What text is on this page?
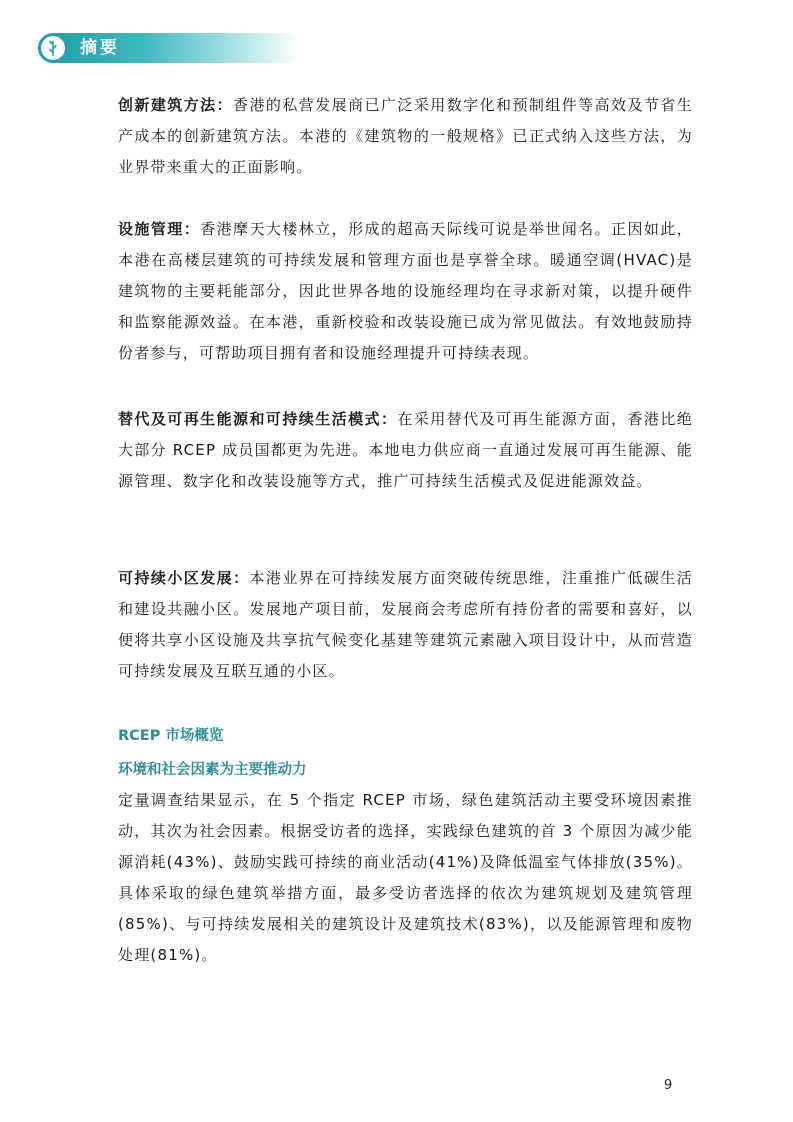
摘要
创新建筑方法：香港的私营发展商已广泛采用数字化和预制组件等高效及节省生产成本的创新建筑方法。本港的《建筑物的一般规格》已正式纳入这些方法，为业界带来重大的正面影响。
设施管理：香港摩天大楼林立，形成的超高天际线可说是举世闻名。正因如此，本港在高楼层建筑的可持续发展和管理方面也是享誉全球。暖通空调(HVAC)是建筑物的主要耗能部分，因此世界各地的设施经理均在寻求新对策，以提升硬件和监察能源效益。在本港，重新校验和改装设施已成为常见做法。有效地鼓励持份者参与，可帮助项目拥有者和设施经理提升可持续表现。
替代及可再生能源和可持续生活模式：在采用替代及可再生能源方面，香港比绝大部分 RCEP 成员国都更为先进。本地电力供应商一直通过发展可再生能源、能源管理、数字化和改装设施等方式，推广可持续生活模式及促进能源效益。
可持续小区发展：本港业界在可持续发展方面突破传统思维，注重推广低碳生活和建设共融小区。发展地产项目前，发展商会考虑所有持份者的需要和喜好，以便将共享小区设施及共享抗气候变化基建等建筑元素融入项目设计中，从而营造可持续发展及互联互通的小区。
RCEP 市场概览
环境和社会因素为主要推动力
定量调查结果显示，在 5 个指定 RCEP 市场，绿色建筑活动主要受环境因素推动，其次为社会因素。根据受访者的选择，实践绿色建筑的首 3 个原因为减少能源消耗(43%)、鼓励实践可持续的商业活动(41%)及降低温室气体排放(35%)。具体采取的绿色建筑举措方面，最多受访者选择的依次为建筑规划及建筑管理(85%)、与可持续发展相关的建筑设计及建筑技术(83%)，以及能源管理和废物处理(81%)。
9
